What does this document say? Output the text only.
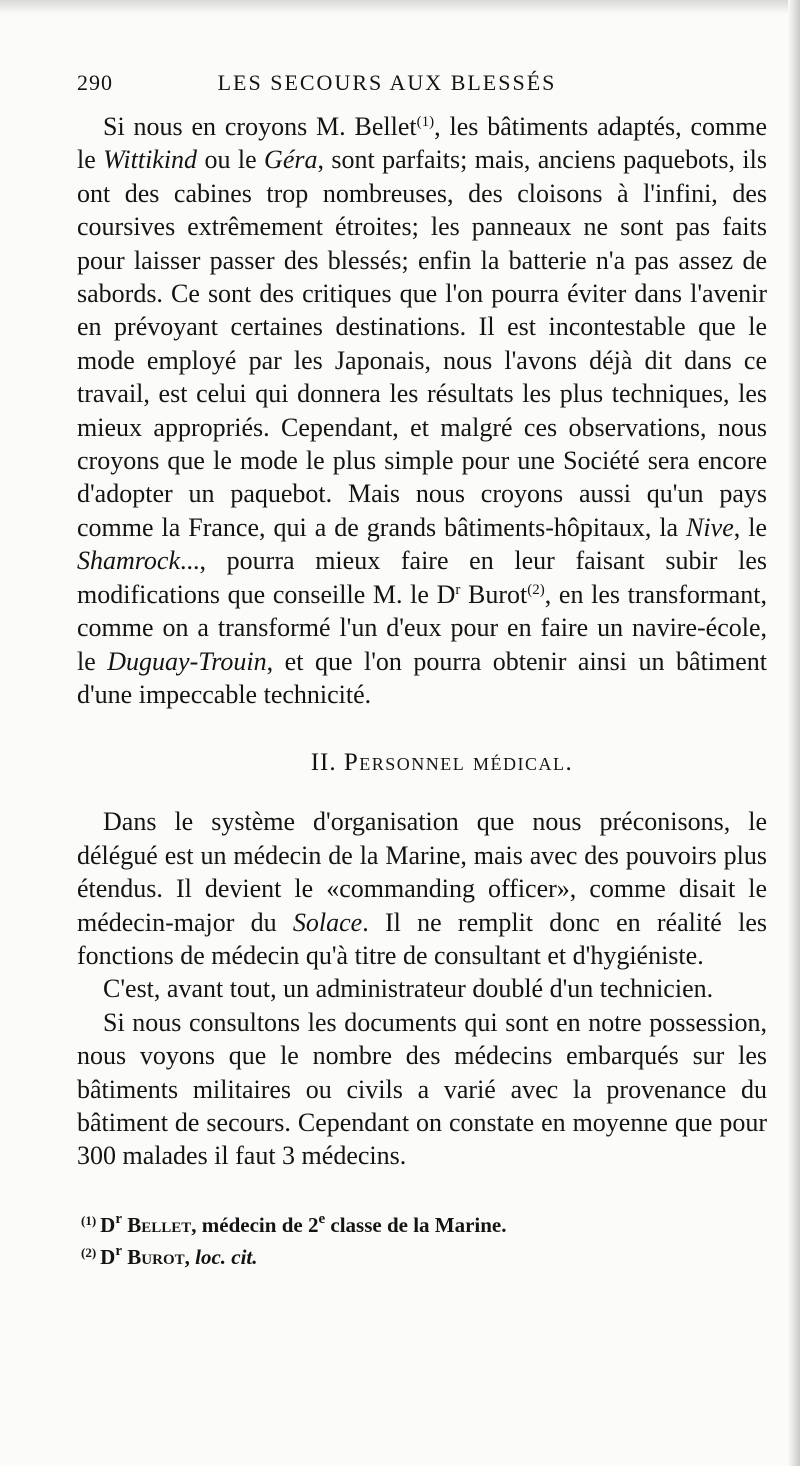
290	LES SECOURS AUX BLESSÉS

Si nous en croyons M. Bellet$^{(1)}$, les bâtiments adaptés, comme le Wittikind ou le Géra, sont parfaits; mais, anciens paquebots, ils ont des cabines trop nombreuses, des cloisons à l'infini, des coursives extrêmement étroites; les panneaux ne sont pas faits pour laisser passer des blessés; enfin la batterie n'a pas assez de sabords. Ce sont des critiques que l'on pourra éviter dans l'avenir en prévoyant certaines destinations. Il est incontestable que le mode employé par les Japonais, nous l'avons déjà dit dans ce travail, est celui qui donnera les résultats les plus techniques, les mieux appropriés. Cependant, et malgré ces observations, nous croyons que le mode le plus simple pour une Société sera encore d'adopter un paquebot. Mais nous croyons aussi qu'un pays comme la France, qui a de grands bâtiments-hôpitaux, la Nive, le Shamrock..., pourra mieux faire en leur faisant subir les modifications que conseille M. le $D^r$ Burot$^{(2)}$, en les transformant, comme on a transformé l'un d'eux pour en faire un navire-école, le Duguay-Trouin, et que l'on pourra obtenir ainsi un bâtiment d'une impeccable technicité.

II. Personnel médical.

Dans le système d'organisation que nous préconisons, le délégué est un médecin de la Marine, mais avec des pouvoirs plus étendus. Il devient le «commanding officer», comme disait le médecin-major du Solace. Il ne remplit donc en réalité les fonctions de médecin qu'à titre de consultant et d'hygiéniste.

C'est, avant tout, un administrateur doublé d'un technicien.

Si nous consultons les documents qui sont en notre possession, nous voyons que le nombre des médecins embarqués sur les bâtiments militaires ou civils a varié avec la provenance du bâtiment de secours. Cependant on constate en moyenne que pour 300 malades il faut 3 médecins.

$^{(1)}$ $D^r$ Bellet, médecin de 2e classe de la Marine.

$^{(2)}$ $D^r$ Burot, loc. cit.
